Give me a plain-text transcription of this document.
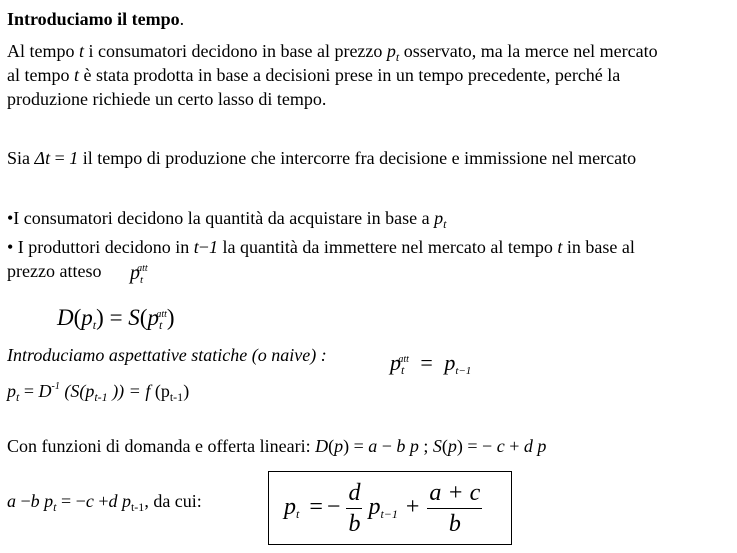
Introduciamo il tempo.
Al tempo t i consumatori decidono in base al prezzo $p_t$ osservato, ma la merce nel mercato
al tempo t è stata prodotta in base a decisioni prese in un tempo precedente, perché la
produzione richiede un certo lasso di tempo.
Sia Δt = 1 il tempo di produzione che intercorre fra decisione e immissione nel mercato
•I consumatori decidono la quantità da acquistare in base a $p_t$
• I produttori decidono in t−1 la quantità da immettere nel mercato al tempo t in base al
prezzo atteso $p_t^{att}$
$D(p_t) = S(p_t^{att})$
Introduciamo aspettative statiche (o naive) :	$p_t^{att} = p_{t-1}$
$p_t = D^{-1}$ ($S(p_{t-1}$ )) = f $(p_{t-1})$
Con funzioni di domanda e offerta lineari: D(p) = a − b p ; S(p) = − c + d p
a −b $p_t = -c +d$ $p_{t-1}$, da cui:	$p_t$ = − $\frac{d}{b} p_{t-1} + \frac{a + c}{b}$
